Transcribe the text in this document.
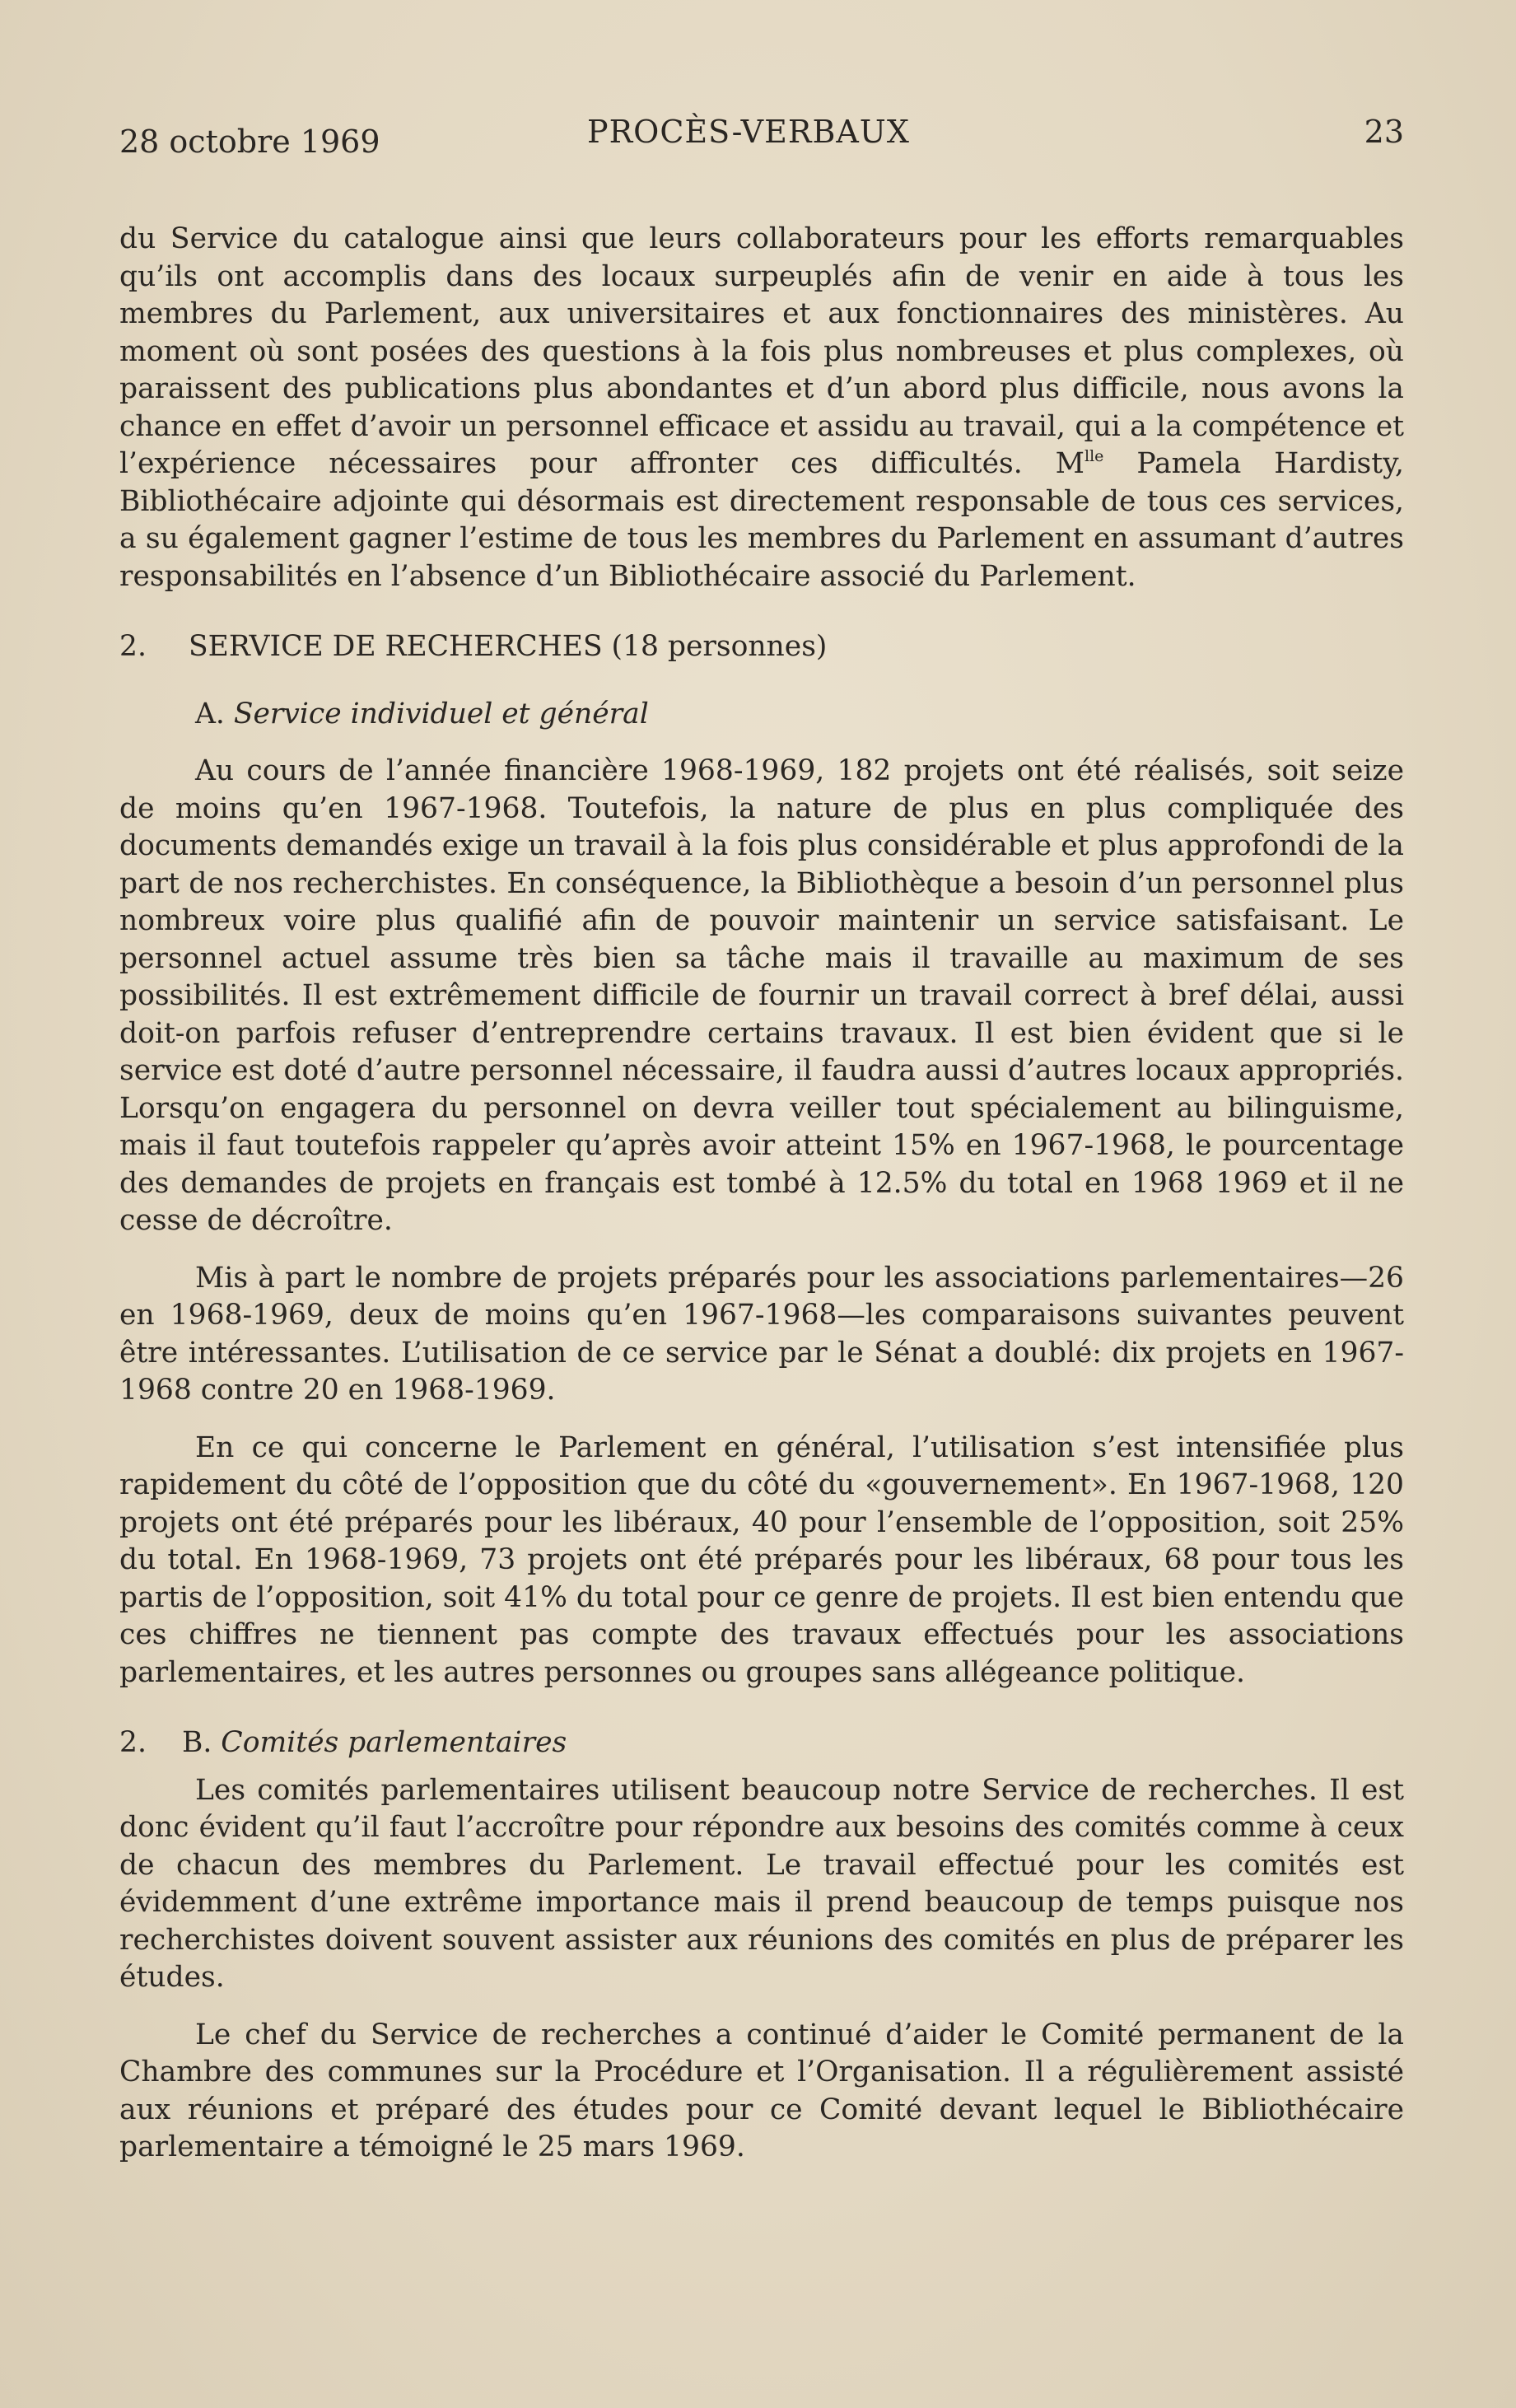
28 octobre 1969	PROCÈS-VERBAUX	23

du Service du catalogue ainsi que leurs collaborateurs pour les efforts remarquables qu’ils ont accomplis dans des locaux surpeuplés afin de venir en aide à tous les membres du Parlement, aux universitaires et aux fonctionnaires des ministères. Au moment où sont posées des questions à la fois plus nombreuses et plus complexes, où paraissent des publications plus abondantes et d’un abord plus difficile, nous avons la chance en effet d’avoir un personnel efficace et assidu au travail, qui a la compétence et l’expérience nécessaires pour affronter ces difficultés. $M^{lle}$ Pamela Hardisty, Bibliothécaire adjointe qui désormais est directement responsable de tous ces services, a su également gagner l’estime de tous les membres du Parlement en assumant d’autres responsabilités en l’absence d’un Bibliothécaire associé du Parlement.

2. SERVICE DE RECHERCHES (18 personnes)

A. Service individuel et général

Au cours de l’année financière 1968-1969, 182 projets ont été réalisés, soit seize de moins qu’en 1967-1968. Toutefois, la nature de plus en plus compliquée des documents demandés exige un travail à la fois plus considérable et plus approfondi de la part de nos recherchistes. En conséquence, la Bibliothèque a besoin d’un personnel plus nombreux voire plus qualifié afin de pouvoir maintenir un service satisfaisant. Le personnel actuel assume très bien sa tâche mais il travaille au maximum de ses possibilités. Il est extrêmement difficile de fournir un travail correct à bref délai, aussi doit-on parfois refuser d’entreprendre certains travaux. Il est bien évident que si le service est doté d’autre personnel nécessaire, il faudra aussi d’autres locaux appropriés. Lorsqu’on engagera du personnel on devra veiller tout spécialement au bilinguisme, mais il faut toutefois rappeler qu’après avoir atteint 15% en 1967-1968, le pourcentage des demandes de projets en français est tombé à 12.5% du total en 1968 1969 et il ne cesse de décroître.

Mis à part le nombre de projets préparés pour les associations parlementaires—26 en 1968-1969, deux de moins qu’en 1967-1968—les comparaisons suivantes peuvent être intéressantes. L’utilisation de ce service par le Sénat a doublé: dix projets en 1967-1968 contre 20 en 1968-1969.

En ce qui concerne le Parlement en général, l’utilisation s’est intensifiée plus rapidement du côté de l’opposition que du côté du «gouvernement». En 1967-1968, 120 projets ont été préparés pour les libéraux, 40 pour l’ensemble de l’opposition, soit 25% du total. En 1968-1969, 73 projets ont été préparés pour les libéraux, 68 pour tous les partis de l’opposition, soit 41% du total pour ce genre de projets. Il est bien entendu que ces chiffres ne tiennent pas compte des travaux effectués pour les associations parlementaires, et les autres personnes ou groupes sans allégeance politique.

2. B. Comités parlementaires

Les comités parlementaires utilisent beaucoup notre Service de recherches. Il est donc évident qu’il faut l’accroître pour répondre aux besoins des comités comme à ceux de chacun des membres du Parlement. Le travail effectué pour les comités est évidemment d’une extrême importance mais il prend beaucoup de temps puisque nos recherchistes doivent souvent assister aux réunions des comités en plus de préparer les études.

Le chef du Service de recherches a continué d’aider le Comité permanent de la Chambre des communes sur la Procédure et l’Organisation. Il a régulièrement assisté aux réunions et préparé des études pour ce Comité devant lequel le Bibliothécaire parlementaire a témoigné le 25 mars 1969.
